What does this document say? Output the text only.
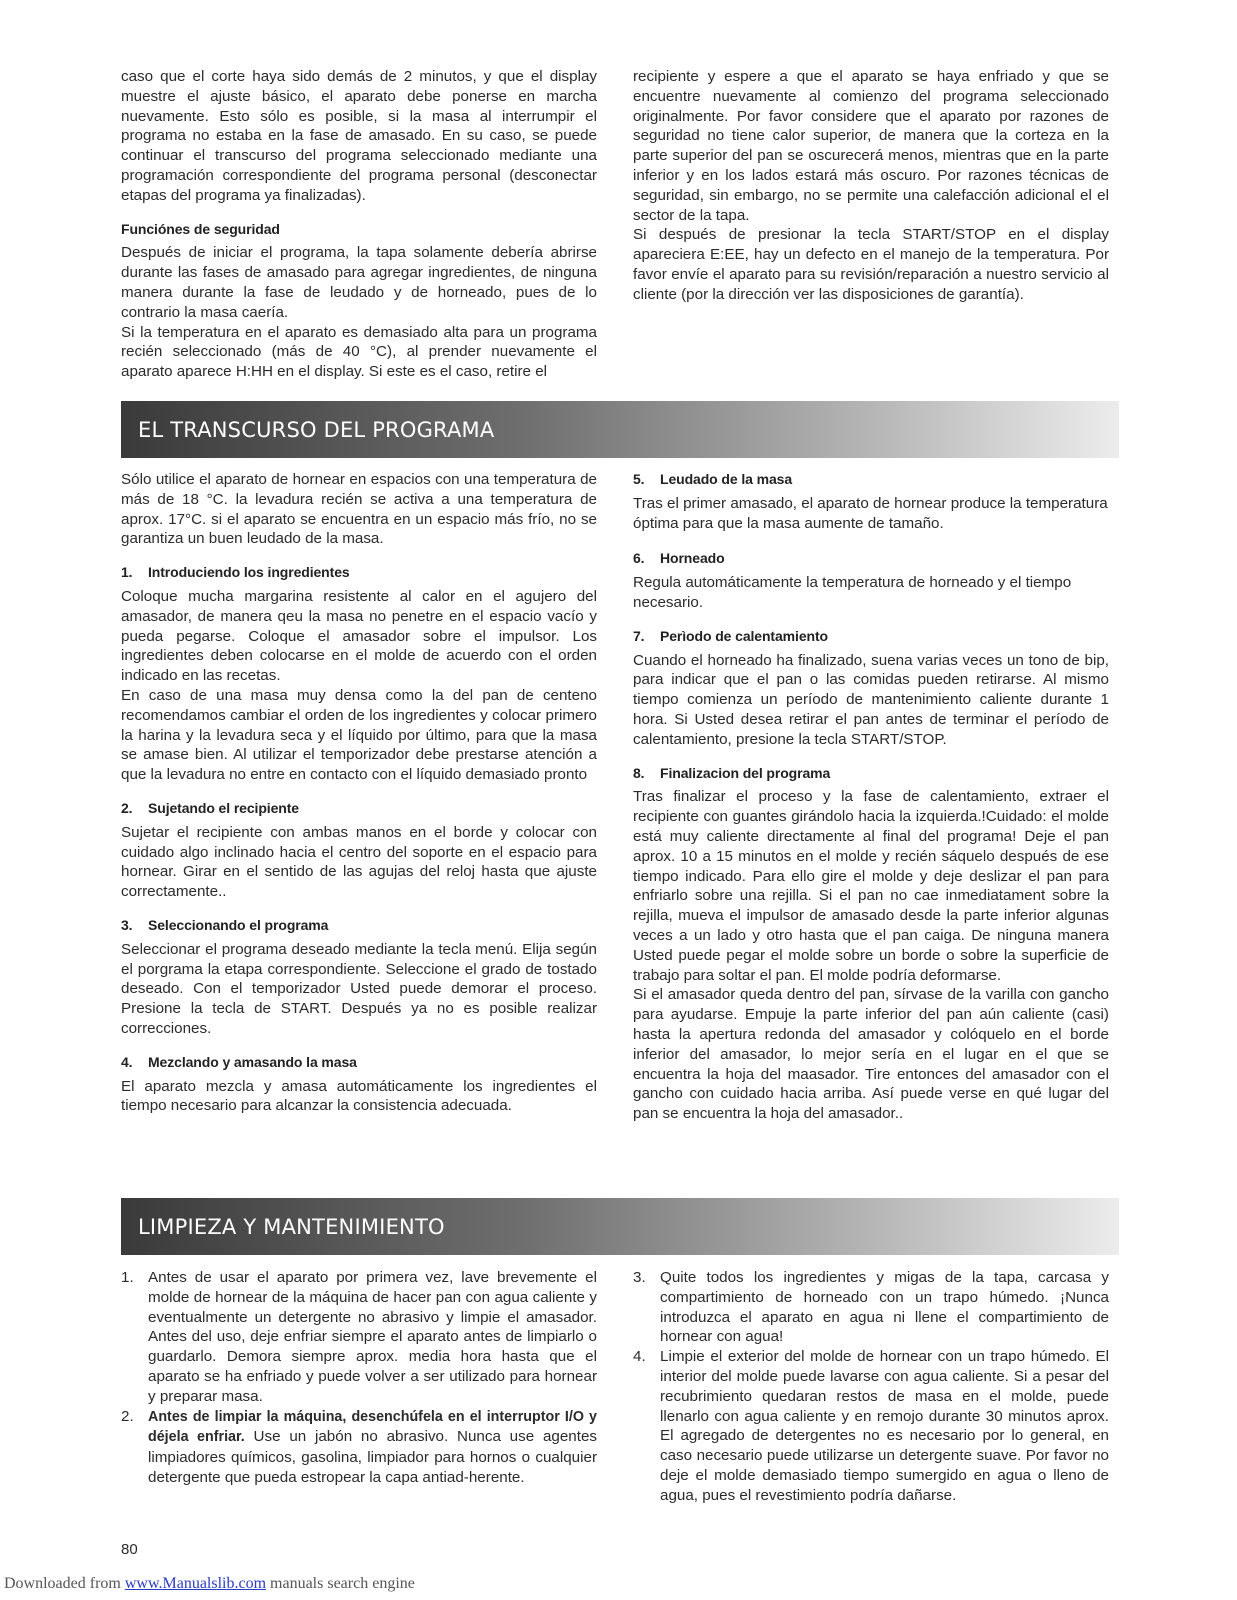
caso que el corte haya sido demás de 2 minutos, y que el display muestre el ajuste básico, el aparato debe ponerse en marcha nuevamente. Esto sólo es posible, si la masa al interrumpir el programa no estaba en la fase de amasado. En su caso, se puede continuar el transcurso del programa seleccionado mediante una programación correspondiente del programa personal (desconectar etapas del programa ya finalizadas).

Funciónes de seguridad

Después de iniciar el programa, la tapa solamente debería abrirse durante las fases de amasado para agregar ingredientes, de ninguna manera durante la fase de leudado y de horneado, pues de lo contrario la masa caería.

Si la temperatura en el aparato es demasiado alta para un programa recién seleccionado (más de 40 °C), al prender nuevamente el aparato aparece H:HH en el display. Si este es el caso, retire el

recipiente y espere a que el aparato se haya enfriado y que se encuentre nuevamente al comienzo del programa seleccionado originalmente. Por favor considere que el aparato por razones de seguridad no tiene calor superior, de manera que la corteza en la parte superior del pan se oscurecerá menos, mientras que en la parte inferior y en los lados estará más oscuro. Por razones técnicas de seguridad, sin embargo, no se permite una calefacción adicional el el sector de la tapa.

Si después de presionar la tecla START/STOP en el display apareciera E:EE, hay un defecto en el manejo de la temperatura. Por favor envíe el aparato para su revisión/reparación a nuestro servicio al cliente (por la dirección ver las disposiciones de garantía).

EL TRANSCURSO DEL PROGRAMA

Sólo utilice el aparato de hornear en espacios con una temperatura de más de 18 °C. la levadura recién se activa a una temperatura de aprox. 17°C. si el aparato se encuentra en un espacio más frío, no se garantiza un buen leudado de la masa.

1. Introduciendo los ingredientes

Coloque mucha margarina resistente al calor en el agujero del amasador, de manera qeu la masa no penetre en el espacio vacío y pueda pegarse. Coloque el amasador sobre el impulsor. Los ingredientes deben colocarse en el molde de acuerdo con el orden indicado en las recetas.

En caso de una masa muy densa como la del pan de centeno recomendamos cambiar el orden de los ingredientes y colocar primero la harina y la levadura seca y el líquido por último, para que la masa se amase bien. Al utilizar el temporizador debe prestarse atención a que la levadura no entre en contacto con el líquido demasiado pronto

2. Sujetando el recipiente

Sujetar el recipiente con ambas manos en el borde y colocar con cuidado algo inclinado hacia el centro del soporte en el espacio para hornear. Girar en el sentido de las agujas del reloj hasta que ajuste correctamente..

3. Seleccionando el programa

Seleccionar el programa deseado mediante la tecla menú. Elija según el porgrama la etapa correspondiente. Seleccione el grado de tostado deseado. Con el temporizador Usted puede demorar el proceso. Presione la tecla de START. Después ya no es posible realizar correcciones.

4. Mezclando y amasando la masa

El aparato mezcla y amasa automáticamente los ingredientes el tiempo necesario para alcanzar la consistencia adecuada.

5. Leudado de la masa

Tras el primer amasado, el aparato de hornear produce la temperatura óptima para que la masa aumente de tamaño.

6. Horneado

Regula automáticamente la temperatura de horneado y el tiempo necesario.

7. Perìodo de calentamiento

Cuando el horneado ha finalizado, suena varias veces un tono de bip, para indicar que el pan o las comidas pueden retirarse. Al mismo tiempo comienza un período de mantenimiento caliente durante 1 hora. Si Usted desea retirar el pan antes de terminar el período de calentamiento, presione la tecla START/STOP.

8. Finalizacion del programa

Tras finalizar el proceso y la fase de calentamiento, extraer el recipiente con guantes girándolo hacia la izquierda.!Cuidado: el molde está muy caliente directamente al final del programa! Deje el pan aprox. 10 a 15 minutos en el molde y recién sáquelo después de ese tiempo indicado. Para ello gire el molde y deje deslizar el pan para enfriarlo sobre una rejilla. Si el pan no cae inmediatament sobre la rejilla, mueva el impulsor de amasado desde la parte inferior algunas veces a un lado y otro hasta que el pan caiga. De ninguna manera Usted puede pegar el molde sobre un borde o sobre la superficie de trabajo para soltar el pan. El molde podría deformarse.

Si el amasador queda dentro del pan, sírvase de la varilla con gancho para ayudarse. Empuje la parte inferior del pan aún caliente (casi) hasta la apertura redonda del amasador y colóquelo en el borde inferior del amasador, lo mejor sería en el lugar en el que se encuentra la hoja del maasador. Tire entonces del amasador con el gancho con cuidado hacia arriba. Así puede verse en qué lugar del pan se encuentra la hoja del amasador..

LIMPIEZA Y MANTENIMIENTO
1. Antes de usar el aparato por primera vez, lave brevemente el molde de hornear de la máquina de hacer pan con agua caliente y eventualmente un detergente no abrasivo y limpie el amasador. Antes del uso, deje enfriar siempre el aparato antes de limpiarlo o guardarlo. Demora siempre aprox. media hora hasta que el aparato se ha enfriado y puede volver a ser utilizado para hornear y preparar masa.
2. Antes de limpiar la máquina, desenchúfela en el interruptor I/O y déjela enfriar. Use un jabón no abrasivo. Nunca use agentes limpiadores químicos, gasolina, limpiador para hornos o cualquier detergente que pueda estropear la capa antiad-herente.
3. Quite todos los ingredientes y migas de la tapa, carcasa y compartimiento de horneado con un trapo húmedo. ¡Nunca introduzca el aparato en agua ni llene el compartimiento de hornear con agua!
4. Limpie el exterior del molde de hornear con un trapo húmedo. El interior del molde puede lavarse con agua caliente. Si a pesar del recubrimiento quedaran restos de masa en el molde, puede llenarlo con agua caliente y en remojo durante 30 minutos aprox. El agregado de detergentes no es necesario por lo general, en caso necesario puede utilizarse un detergente suave. Por favor no deje el molde demasiado tiempo sumergido en agua o lleno de agua, pues el revestimiento podría dañarse.
80
Downloaded from www.Manualslib.com manuals search engine
